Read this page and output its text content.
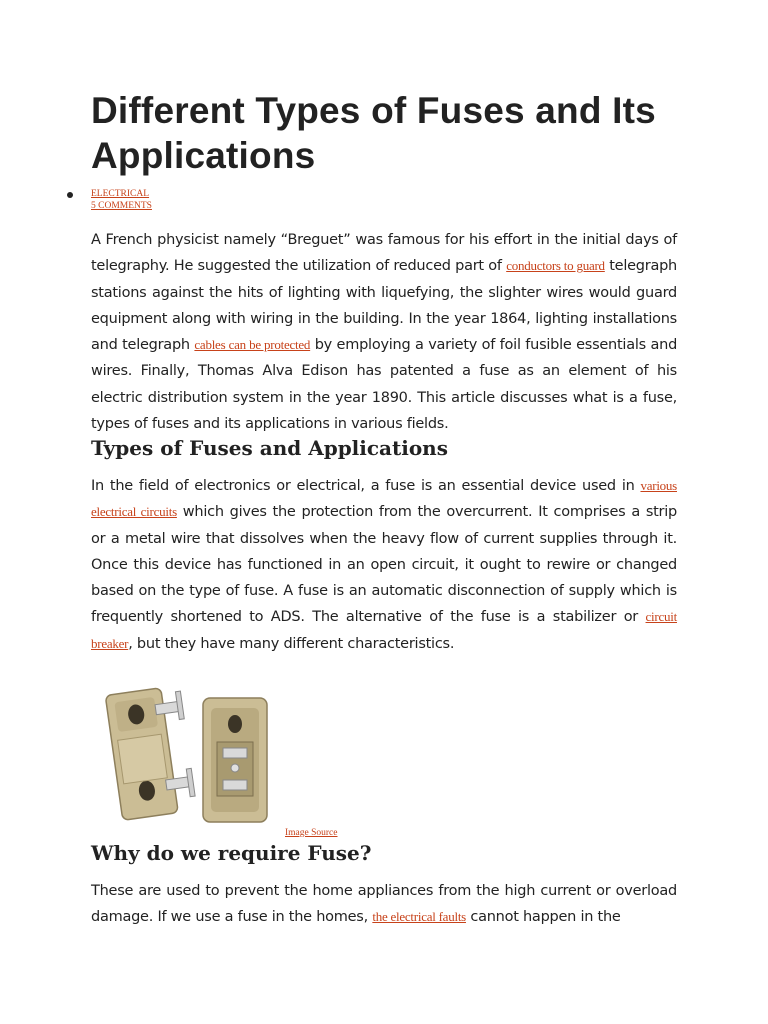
Different Types of Fuses and Its Applications
ELECTRICAL
5 COMMENTS

A French physicist namely “Breguet” was famous for his effort in the initial days of telegraphy. He suggested the utilization of reduced part of conductors to guard telegraph stations against the hits of lighting with liquefying, the slighter wires would guard equipment along with wiring in the building. In the year 1864, lighting installations and telegraph cables can be protected by employing a variety of foil fusible essentials and wires. Finally, Thomas Alva Edison has patented a fuse as an element of his electric distribution system in the year 1890. This article discusses what is a fuse, types of fuses and its applications in various fields.

Types of Fuses and Applications

In the field of electronics or electrical, a fuse is an essential device used in various electrical circuits which gives the protection from the overcurrent. It comprises a strip or a metal wire that dissolves when the heavy flow of current supplies through it. Once this device has functioned in an open circuit, it ought to rewire or changed based on the type of fuse. A fuse is an automatic disconnection of supply which is frequently shortened to ADS. The alternative of the fuse is a stabilizer or circuit breaker, but they have many different characteristics.

Image Source
Why do we require Fuse?

These are used to prevent the home appliances from the high current or overload damage. If we use a fuse in the homes, the electrical faults cannot happen in the
